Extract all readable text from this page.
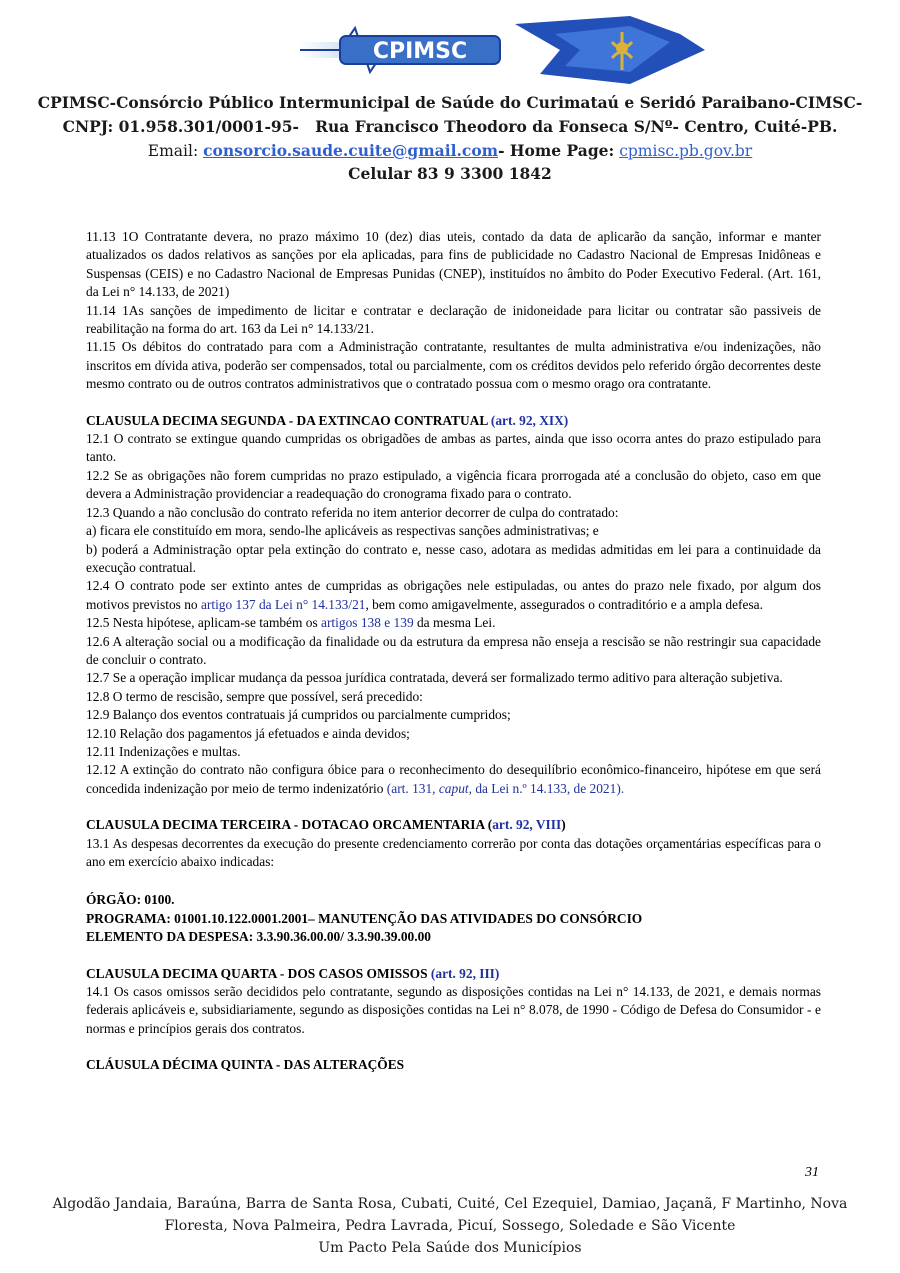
CPIMSC
CPIMSC-Consórcio Público Intermunicipal de Saúde do Curimataú e Seridó Paraibano-CIMSC-
CNPJ: 01.958.301/0001-95- Rua Francisco Theodoro da Fonseca S/Nº- Centro, Cuité-PB.
Email: consorcio.saude.cuite@gmail.com- Home Page: cpmisc.pb.gov.br
Celular 83 9 3300 1842

11.13 1O Contratante devera, no prazo máximo 10 (dez) dias uteis, contado da data de aplicarão da sanção, informar e manter atualizados os dados relativos as sanções por ela aplicadas, para fins de publicidade no Cadastro Nacional de Empresas Inidôneas e Suspensas (CEIS) e no Cadastro Nacional de Empresas Punidas (CNEP), instituídos no âmbito do Poder Executivo Federal. (Art. 161, da Lei n° 14.133, de 2021)

11.14 1As sanções de impedimento de licitar e contratar e declaração de inidoneidade para licitar ou contratar são passiveis de reabilitação na forma do art. 163 da Lei n° 14.133/21.

11.15 Os débitos do contratado para com a Administração contratante, resultantes de multa administrativa e/ou indenizações, não inscritos em dívida ativa, poderão ser compensados, total ou parcialmente, com os créditos devidos pelo referido órgão decorrentes deste mesmo contrato ou de outros contratos administrativos que o contratado possua com o mesmo orago ora contratante.

CLAUSULA DECIMA SEGUNDA - DA EXTINCAO CONTRATUAL (art. 92, XIX)

12.1 O contrato se extingue quando cumpridas os obrigadões de ambas as partes, ainda que isso ocorra antes do prazo estipulado para tanto.

12.2 Se as obrigações não forem cumpridas no prazo estipulado, a vigência ficara prorrogada até a conclusão do objeto, caso em que devera a Administração providenciar a readequação do cronograma fixado para o contrato.

12.3 Quando a não conclusão do contrato referida no item anterior decorrer de culpa do contratado:

a) ficara ele constituído em mora, sendo-lhe aplicáveis as respectivas sanções administrativas; e

b) poderá a Administração optar pela extinção do contrato e, nesse caso, adotara as medidas admitidas em lei para a continuidade da execução contratual.

12.4 O contrato pode ser extinto antes de cumpridas as obrigações nele estipuladas, ou antes do prazo nele fixado, por algum dos motivos previstos no artigo 137 da Lei n° 14.133/21, bem como amigavelmente, assegurados o contraditório e a ampla defesa.

12.5 Nesta hipótese, aplicam-se também os artigos 138 e 139 da mesma Lei.

12.6 A alteração social ou a modificação da finalidade ou da estrutura da empresa não enseja a rescisão se não restringir sua capacidade de concluir o contrato.

12.7 Se a operação implicar mudança da pessoa jurídica contratada, deverá ser formalizado termo aditivo para alteração subjetiva.

12.8 O termo de rescisão, sempre que possível, será precedido:

12.9 Balanço dos eventos contratuais já cumpridos ou parcialmente cumpridos;

12.10 Relação dos pagamentos já efetuados e ainda devidos;

12.11 Indenizações e multas.

12.12 A extinção do contrato não configura óbice para o reconhecimento do desequilíbrio econômico-financeiro, hipótese em que será concedida indenização por meio de termo indenizatório (art. 131, caput, da Lei n.º 14.133, de 2021).

CLAUSULA DECIMA TERCEIRA - DOTACAO ORCAMENTARIA (art. 92, VIII)

13.1 As despesas decorrentes da execução do presente credenciamento correrão por conta das dotações orçamentárias específicas para o ano em exercício abaixo indicadas:

ÓRGÃO: 0100.

PROGRAMA: 01001.10.122.0001.2001– MANUTENÇÃO DAS ATIVIDADES DO CONSÓRCIO

ELEMENTO DA DESPESA: 3.3.90.36.00.00/ 3.3.90.39.00.00

CLAUSULA DECIMA QUARTA - DOS CASOS OMISSOS (art. 92, III)

14.1 Os casos omissos serão decididos pelo contratante, segundo as disposições contidas na Lei n° 14.133, de 2021, e demais normas federais aplicáveis e, subsidiariamente, segundo as disposições contidas na Lei n° 8.078, de 1990 - Código de Defesa do Consumidor - e normas e princípios gerais dos contratos.

CLÁUSULA DÉCIMA QUINTA - DAS ALTERAÇÕES

31
Algodão Jandaia, Baraúna, Barra de Santa Rosa, Cubati, Cuité, Cel Ezequiel, Damiao, Jaçanã, F Martinho, Nova
Floresta, Nova Palmeira, Pedra Lavrada, Picuí, Sossego, Soledade e São Vicente
Um Pacto Pela Saúde dos Municípios
